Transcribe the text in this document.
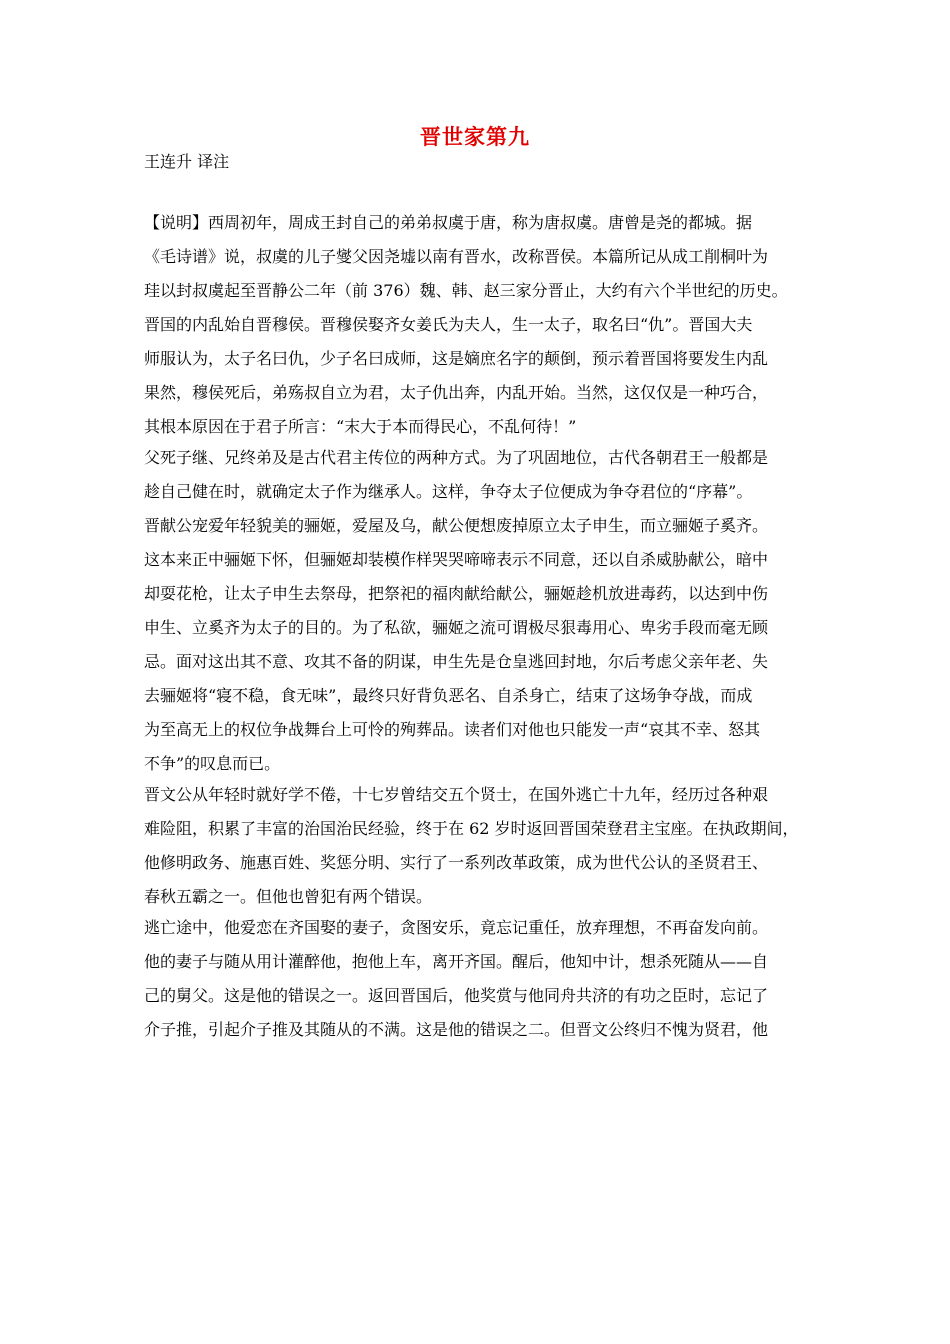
晋世家第九

王连升 译注

【说明】西周初年，周成王封自己的弟弟叔虞于唐，称为唐叔虞。唐曾是尧的都城。据
《毛诗谱》说，叔虞的儿子燮父因尧墟以南有晋水，改称晋侯。本篇所记从成工削桐叶为
珪以封叔虞起至晋静公二年（前 376）魏、韩、赵三家分晋止，大约有六个半世纪的历史。
晋国的内乱始自晋穆侯。晋穆侯娶齐女姜氏为夫人，生一太子，取名曰“仇”。晋国大夫
师服认为，太子名曰仇，少子名曰成师，这是嫡庶名字的颠倒，预示着晋国将要发生内乱
果然，穆侯死后，弟殇叔自立为君，太子仇出奔，内乱开始。当然，这仅仅是一种巧合，
其根本原因在于君子所言：“末大于本而得民心，不乱何待！”
父死子继、兄终弟及是古代君主传位的两种方式。为了巩固地位，古代各朝君王一般都是
趁自己健在时，就确定太子作为继承人。这样，争夺太子位便成为争夺君位的“序幕”。
晋献公宠爱年轻貌美的骊姬，爱屋及乌，献公便想废掉原立太子申生，而立骊姬子奚齐。
这本来正中骊姬下怀，但骊姬却装模作样哭哭啼啼表示不同意，还以自杀威胁献公，暗中
却耍花枪，让太子申生去祭母，把祭祀的福肉献给献公，骊姬趁机放进毒药，以达到中伤
申生、立奚齐为太子的目的。为了私欲，骊姬之流可谓极尽狠毒用心、卑劣手段而毫无顾
忌。面对这出其不意、攻其不备的阴谋，申生先是仓皇逃回封地，尔后考虑父亲年老、失
去骊姬将“寝不稳，食无味”，最终只好背负恶名、自杀身亡，结束了这场争夺战，而成
为至高无上的权位争战舞台上可怜的殉葬品。读者们对他也只能发一声“哀其不幸、怒其
不争”的叹息而已。
晋文公从年轻时就好学不倦，十七岁曾结交五个贤士，在国外逃亡十九年，经历过各种艰
难险阻，积累了丰富的治国治民经验，终于在 62 岁时返回晋国荣登君主宝座。在执政期间，
他修明政务、施惠百姓、奖惩分明、实行了一系列改革政策，成为世代公认的圣贤君王、
春秋五霸之一。但他也曾犯有两个错误。
逃亡途中，他爱恋在齐国娶的妻子，贪图安乐，竟忘记重任，放弃理想，不再奋发向前。
他的妻子与随从用计灌醉他，抱他上车，离开齐国。醒后，他知中计，想杀死随从——自
己的舅父。这是他的错误之一。返回晋国后，他奖赏与他同舟共济的有功之臣时，忘记了
介子推，引起介子推及其随从的不满。这是他的错误之二。但晋文公终归不愧为贤君，他
